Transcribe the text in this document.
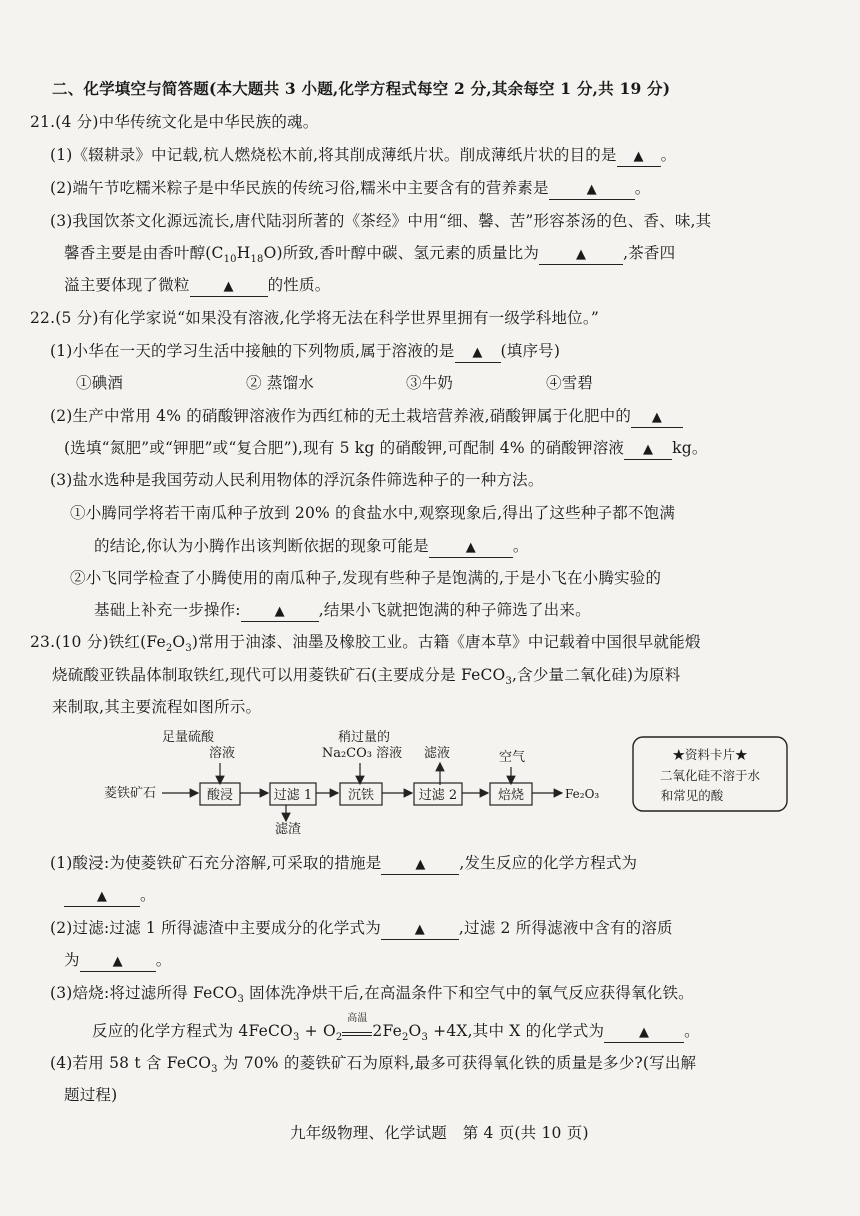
二、化学填空与简答题(本大题共 3 小题,化学方程式每空 2 分,其余每空 1 分,共 19 分)
21.(4 分)中华传统文化是中华民族的魂。
(1)《辍耕录》中记载,杭人燃烧松木前,将其削成薄纸片状。削成薄纸片状的目的是 ▲ 。
(2)端午节吃糯米粽子是中华民族的传统习俗,糯米中主要含有的营养素是	▲ 。
(3)我国饮茶文化源远流长,唐代陆羽所著的《茶经》中用“细、馨、苦”形容茶汤的色、香、味,其
馨香主要是由香叶醇$(C_{10}H_{18}O)$所致,香叶醇中碳、氢元素的质量比为	▲ ,茶香四
溢主要体现了微粒	▲ 的性质。
22.(5 分)有化学家说“如果没有溶液,化学将无法在科学世界里拥有一级学科地位。”
(1)小华在一天的学习生活中接触的下列物质,属于溶液的是 ▲ (填序号)
①碘酒	② 蒸馏水	③牛奶	④雪碧
(2)生产中常用 4% 的硝酸钾溶液作为西红柿的无土栽培营养液,硝酸钾属于化肥中的 ▲
(选填“氮肥”或“钾肥”或“复合肥”),现有 5 kg 的硝酸钾,可配制 4% 的硝酸钾溶液 ▲ kg。
(3)盐水选种是我国劳动人民利用物体的浮沉条件筛选种子的一种方法。
①小腾同学将若干南瓜种子放到 20% 的食盐水中,观察现象后,得出了这些种子都不饱满
的结论,你认为小腾作出该判断依据的现象可能是	▲ 。
②小飞同学检查了小腾使用的南瓜种子,发现有些种子是饱满的,于是小飞在小腾实验的
基础上补充一步操作:	▲ ,结果小飞就把饱满的种子筛选了出来。
23.(10 分)铁红$(Fe_2O_3)$常用于油漆、油墨及橡胶工业。古籍《唐本草》中记载着中国很早就能煅
烧硫酸亚铁晶体制取铁红,现代可以用菱铁矿石(主要成分是 FeCO$_3$,含少量二氧化硅)为原料
来制取,其主要流程如图所示。
足量硫酸
溶液
稍过量的
Na₂CO₃ 溶液 滤液	空气
菱铁矿石	酸浸	过滤 1
滤渣
沉铁	过滤 2	焙烧	Fe₂O₃
★资料卡片★
二氧化硅不溶于水
和常见的酸
(1)酸浸:为使菱铁矿石充分溶解,可采取的措施是	▲ ,发生反应的化学方程式为
▲ 。
(2)过滤:过滤 1 所得滤渣中主要成分的化学式为	▲ ,过滤 2 所得滤液中含有的溶质
为	▲ 。
(3)焙烧:将过滤所得 FeCO$_3$ 固体洗净烘干后,在高温条件下和空气中的氧气反应获得氧化铁。
反应的化学方程式为 4FeCO$_3$ + $O_2$
高温
$2Fe_2O_3 +4X$,其中 X 的化学式为	▲ 。
(4)若用 58 t 含 FeCO$_3$ 为 70% 的菱铁矿石为原料,最多可获得氧化铁的质量是多少?(写出解
题过程)
九年级物理、化学试题　第 4 页(共 10 页)
